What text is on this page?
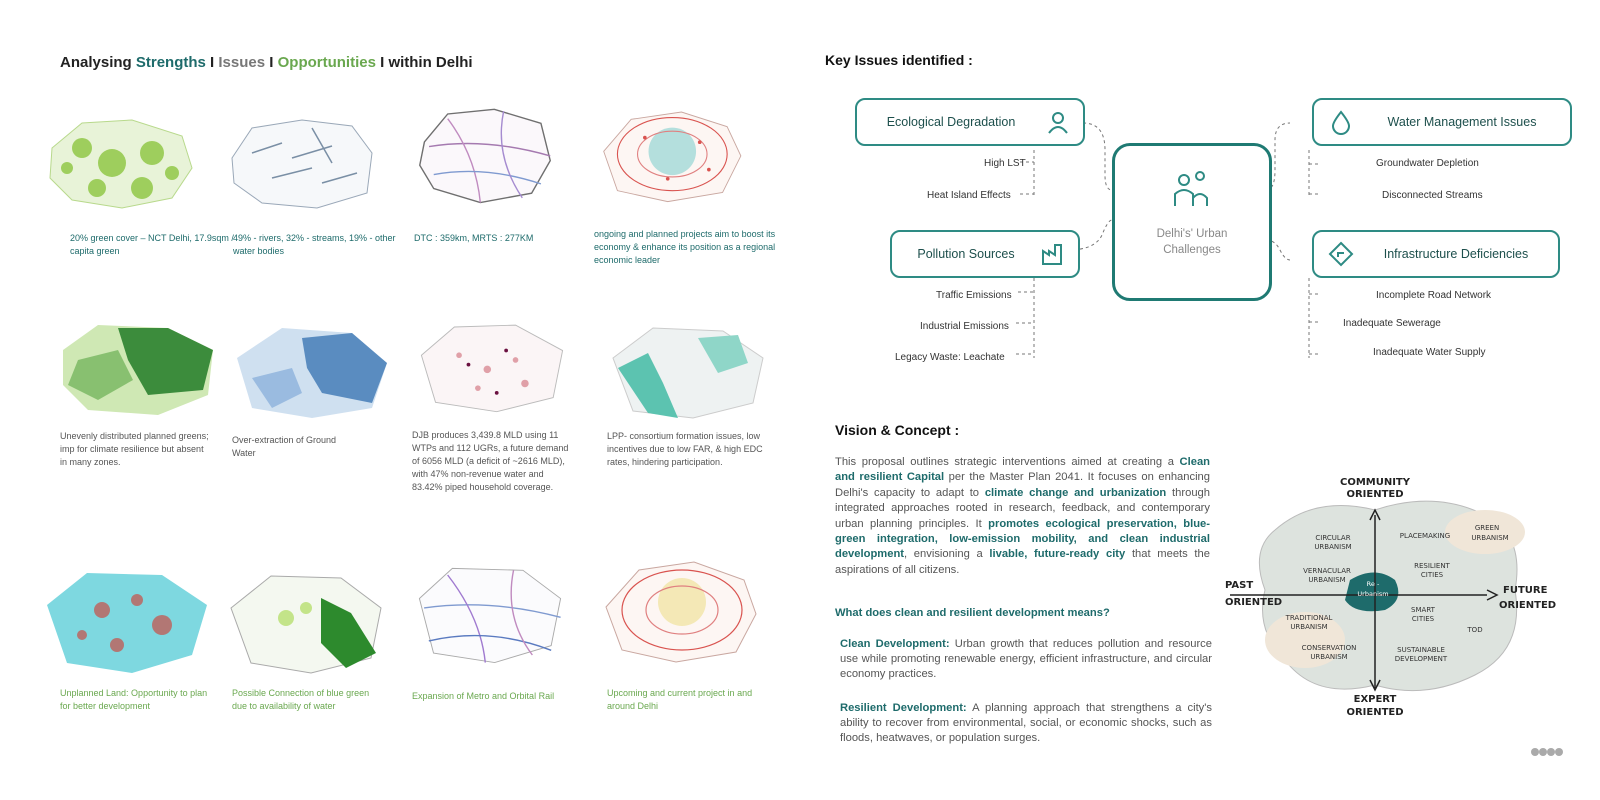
Analysing Strengths I Issues I Opportunities I within Delhi
20% green cover – NCT Delhi, 17.9sqm / capita green
49% - rivers, 32% - streams, 19% - other water bodies
DTC : 359km, MRTS : 277KM	ongoing and planned projects aim to boost its economy & enhance its position as a regional economic leader
Unevenly distributed planned greens; imp for climate resilience but absent in many zones.
Over-extraction of Ground Water
DJB produces 3,439.8 MLD using 11 WTPs and 112 UGRs, a future demand of 6056 MLD (a deficit of ~2616 MLD), with 47% non-revenue water and 83.42% piped household coverage.
LPP- consortium formation issues, low incentives due to low FAR, & high EDC rates, hindering participation.
Unplanned Land: Opportunity to plan for better development
Possible Connection of blue green due to availability of water
Expansion of Metro and Orbital Rail	Upcoming and current project in and around Delhi
Key Issues identified :
Ecological Degradation
Pollution Sources
Water Management Issues
Infrastructure Deficiencies
Delhi's' Urban
Challenges
High LST
Heat Island Effects
Traffic Emissions
Industrial Emissions
Legacy Waste: Leachate
Groundwater Depletion
Disconnected Streams
Incomplete Road Network
Inadequate Sewerage
Inadequate Water Supply
Vision & Concept :
This proposal outlines strategic interventions aimed at creating a Clean and resilient Capital per the Master Plan 2041. It focuses on enhancing Delhi's capacity to adapt to climate change and urbanization through integrated approaches rooted in research, feedback, and contemporary urban planning principles. It promotes ecological preservation, blue-green integration, low-emission mobility, and clean industrial development, envisioning a livable, future-ready city that meets the aspirations of all citizens.
What does clean and resilient development means?
Clean Development: Urban growth that reduces pollution and resource use while promoting renewable energy, efficient infrastructure, and circular economy practices.
Resilient Development: A planning approach that strengthens a city's ability to recover from environmental, social, or economic shocks, such as floods, heatwaves, or population surges.
COMMUNITY
ORIENTED
EXPERT
ORIENTED
PAST
ORIENTED
FUTURE
ORIENTED
Re -
Urbanism
CIRCULAR
URBANISM
PLACEMAKING
GREEN
URBANISM
VERNACULAR
URBANISM
RESILIENT
CITIES
TRADITIONAL
URBANISM
SMART
CITIES
TOD
CONSERVATION
URBANISM
SUSTAINABLE
DEVELOPMENT
